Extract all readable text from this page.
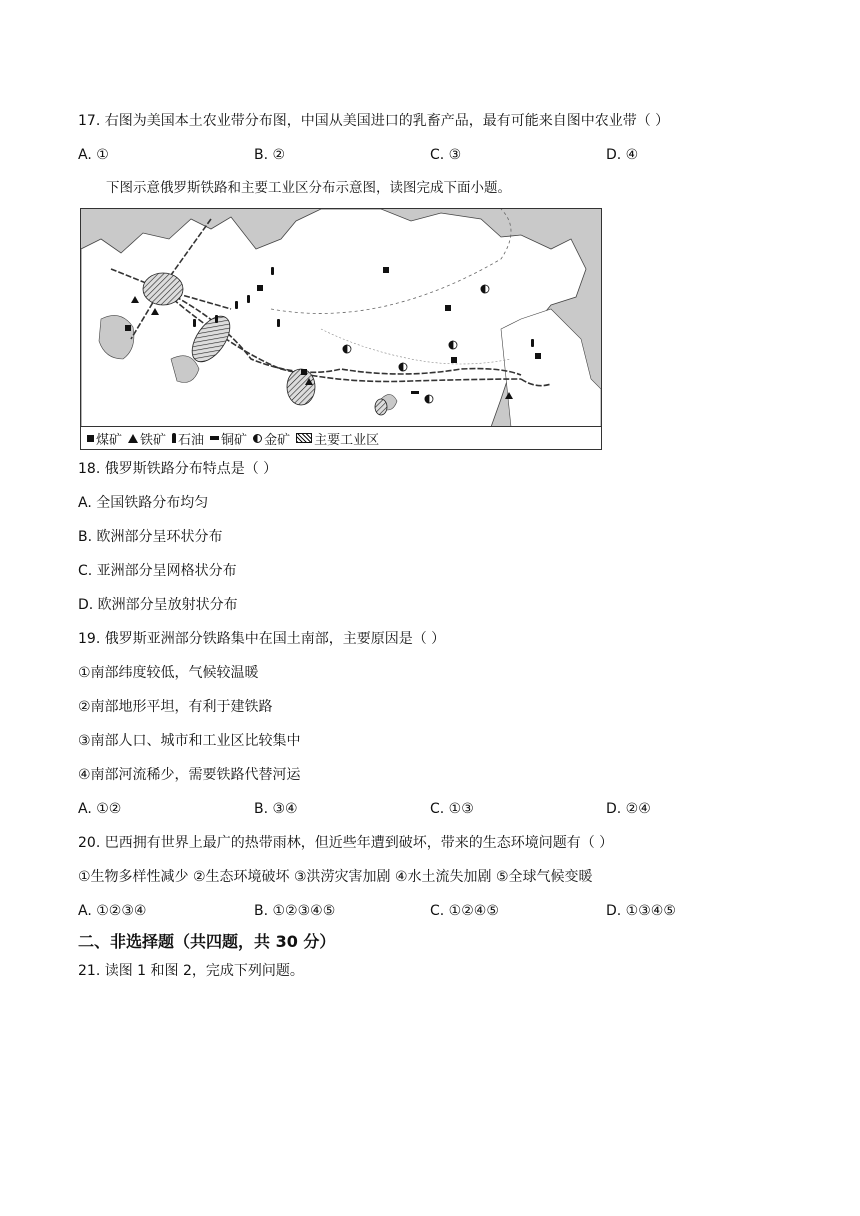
17. 右图为美国本土农业带分布图，中国从美国进口的乳畜产品，最有可能来自图中农业带（ ）
A. ①	B. ②	C. ③	D. ④
下图示意俄罗斯铁路和主要工业区分布示意图，读图完成下面小题。
煤矿 铁矿 石油 铜矿 金矿 主要工业区
18. 俄罗斯铁路分布特点是（ ）
A. 全国铁路分布均匀
B. 欧洲部分呈环状分布
C. 亚洲部分呈网格状分布
D. 欧洲部分呈放射状分布
19. 俄罗斯亚洲部分铁路集中在国土南部，主要原因是（ ）
①南部纬度较低，气候较温暖
②南部地形平坦，有利于建铁路
③南部人口、城市和工业区比较集中
④南部河流稀少，需要铁路代替河运
A. ①②	B. ③④	C. ①③	D. ②④
20. 巴西拥有世界上最广的热带雨林，但近些年遭到破坏，带来的生态环境问题有（ ）
①生物多样性减少 ②生态环境破坏 ③洪涝灾害加剧 ④水土流失加剧 ⑤全球气候变暖
A. ①②③④	B. ①②③④⑤	C. ①②④⑤	D. ①③④⑤
二、非选择题（共四题，共 30 分）
21. 读图 1 和图 2，完成下列问题。
